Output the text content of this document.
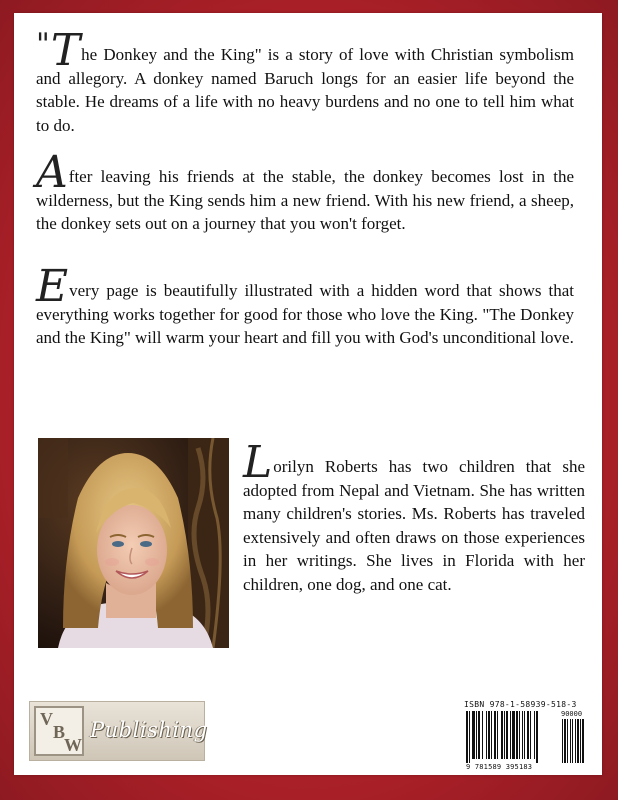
"The Donkey and the King" is a story of love with Christian symbolism and allegory. A donkey named Baruch longs for an easier life beyond the stable. He dreams of a life with no heavy burdens and no one to tell him what to do.

After leaving his friends at the stable, the donkey becomes lost in the wilderness, but the King sends him a new friend. With his new friend, a sheep, the donkey sets out on a journey that you won't forget.

Every page is beautifully illustrated with a hidden word that shows that everything works together for good for those who love the King. "The Donkey and the King" will warm your heart and fill you with God's unconditional love.

Lorilyn Roberts has two children that she adopted from Nepal and Vietnam. She has written many children's stories. Ms. Roberts has traveled extensively and often draws on those experiences in her writings. She lives in Florida with her children, one dog, and one cat.

V
B
W
Publishing
ISBN 978-1-58939-518-3
90000
9 781589 395183
